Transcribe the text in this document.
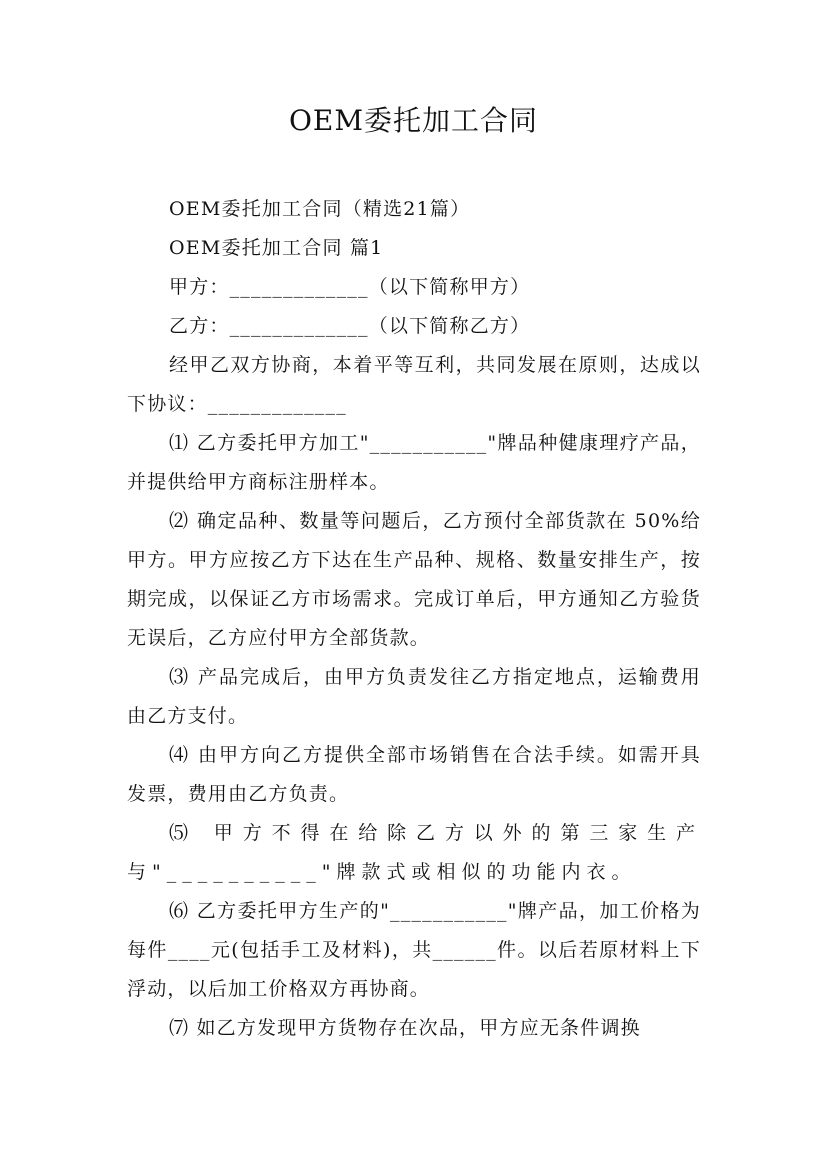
OEM委托加工合同

OEM委托加工合同（精选21篇）

OEM委托加工合同 篇1

甲方：_____________（以下简称甲方）

乙方：_____________（以下简称乙方）

经甲乙双方协商，本着平等互利，共同发展在原则，达成以下协议：_____________

⑴ 乙方委托甲方加工"___________"牌品种健康理疗产品，并提供给甲方商标注册样本。

⑵ 确定品种、数量等问题后，乙方预付全部货款在 50%给甲方。甲方应按乙方下达在生产品种、规格、数量安排生产，按期完成，以保证乙方市场需求。完成订单后，甲方通知乙方验货无误后，乙方应付甲方全部货款。

⑶ 产品完成后，由甲方负责发往乙方指定地点，运输费用由乙方支付。

⑷ 由甲方向乙方提供全部市场销售在合法手续。如需开具发票，费用由乙方负责。

⑸ 甲方不得在给除乙方以外的第三家生产与"__________"牌款式或相似的功能内衣。

⑹ 乙方委托甲方生产的"___________"牌产品，加工价格为每件____元(包括手工及材料)，共______件。以后若原材料上下浮动，以后加工价格双方再协商。

⑺ 如乙方发现甲方货物存在次品，甲方应无条件调换
